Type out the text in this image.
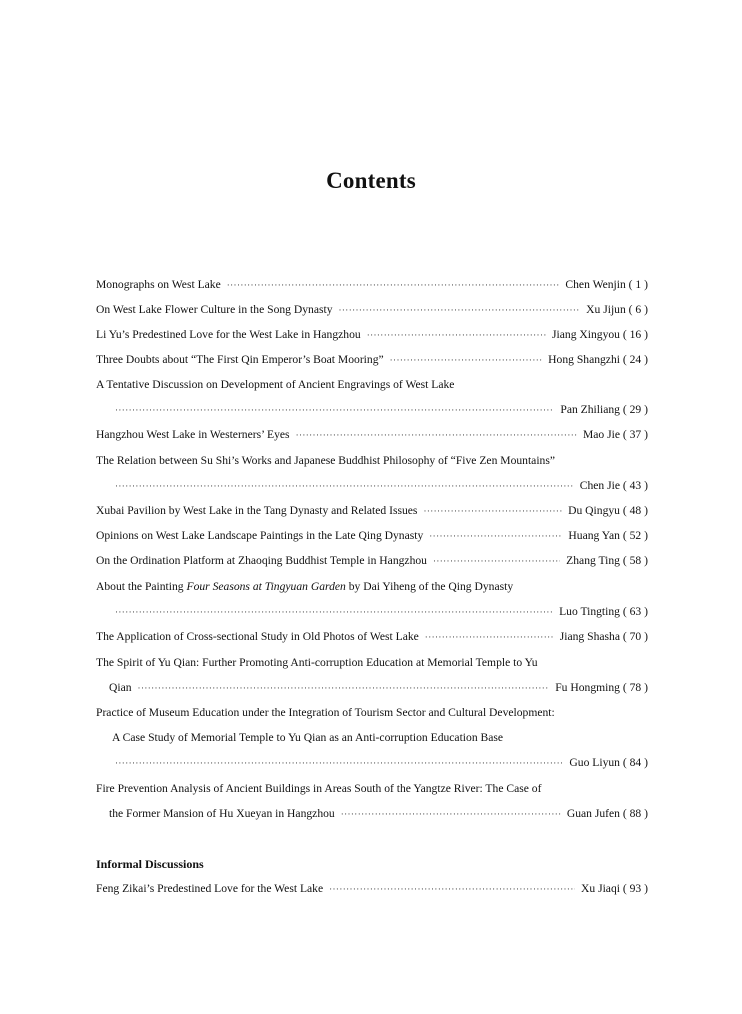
Contents
Monographs on West Lake ·····	Chen Wenjin ( 1 )
On West Lake Flower Culture in the Song Dynasty ·····	Xu Jijun ( 6 )
Li Yu’s Predestined Love for the West Lake in Hangzhou ·····	Jiang Xingyou ( 16 )
Three Doubts about “The First Qin Emperor’s Boat Mooring” ·····	Hong Shangzhi ( 24 )
A Tentative Discussion on Development of Ancient Engravings of West Lake
·····
Pan Zhiliang ( 29 )
Hangzhou West Lake in Westerners’ Eyes ·····	Mao Jie ( 37 )
The Relation between Su Shi’s Works and Japanese Buddhist Philosophy of “Five Zen Mountains”
·····
Chen Jie ( 43 )
Xubai Pavilion by West Lake in the Tang Dynasty and Related Issues ·····	Du Qingyu ( 48 )
Opinions on West Lake Landscape Paintings in the Late Qing Dynasty ·····	Huang Yan ( 52 )
On the Ordination Platform at Zhaoqing Buddhist Temple in Hangzhou ·····	Zhang Ting ( 58 )
About the Painting Four Seasons at Tingyuan Garden by Dai Yiheng of the Qing Dynasty
·····
Luo Tingting ( 63 )
The Application of Cross-sectional Study in Old Photos of West Lake ·····	Jiang Shasha ( 70 )
The Spirit of Yu Qian: Further Promoting Anti-corruption Education at Memorial Temple to Yu
Qian ·····	Fu Hongming ( 78 )
Practice of Museum Education under the Integration of Tourism Sector and Cultural Development:
A Case Study of Memorial Temple to Yu Qian as an Anti-corruption Education Base
·····
Guo Liyun ( 84 )
Fire Prevention Analysis of Ancient Buildings in Areas South of the Yangtze River: The Case of
the Former Mansion of Hu Xueyan in Hangzhou ·····	Guan Jufen ( 88 )
Informal Discussions
Feng Zikai’s Predestined Love for the West Lake ·····	Xu Jiaqi ( 93 )
